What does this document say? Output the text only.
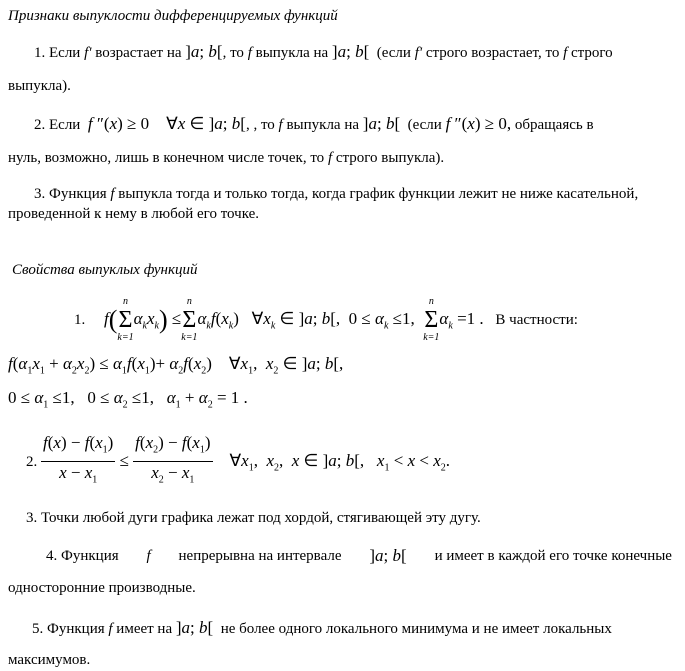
Признаки выпуклости дифференцируемых функций
1. Если f' возрастает на ]a; b[, то f выпукла на ]a; b[ (если f' строго возрастает, то f строго
выпукла).
2. Если f ″(x) ≥ 0    ∀x ∈ ]a; b[, , то f выпукла на ]a; b[ (если f ″(x) ≥ 0, обращаясь в
нуль, возможно, лишь в конечном числе точек, то f строго выпукла).
3. Функция f выпукла тогда и только тогда, когда график функции лежит не ниже касательной,
проведенной к нему в любой его точке.
Свойства выпуклых функций
1. f(
n
Σ
k=1
$\alpha_kx_k$) ≤
n
Σ
k=1
$\alpha_kf(x_k)$   $\forall x_k$ ∈ ]a; b[,  $0 \le \alpha_k \le 1$,
n
Σ
k=1
$\alpha_k =1$ .   В частности:
$f(\alpha_1x_1 + \alpha_2x_2) \le \alpha_1f(x_1)+ \alpha_2f(x_2)$    $\forall x_1$,  $x_2$ ∈ ]a; b[,
$0 \le \alpha_1 \le 1$,   $0 \le \alpha_2 \le 1$,   $\alpha_1 + \alpha_2 = 1$ .
2. $\frac{f(x) - f(x_1)}{x - x_1} \le \frac{f(x_2) - f(x_1)}{x_2 - x_1}$ $\forall x_1$,  $x_2$,  x ∈ ]a; b[,   $x_1 < x < x_2$.
3. Точки любой дуги графика лежат под хордой, стягивающей эту дугу.
4. Функция f непрерывна на интервале ]a; b[ и имеет в каждой его точке конечные
односторонние производные.
5. Функция f имеет на ]a; b[ не более одного локального минимума и не имеет локальных
максимумов.
